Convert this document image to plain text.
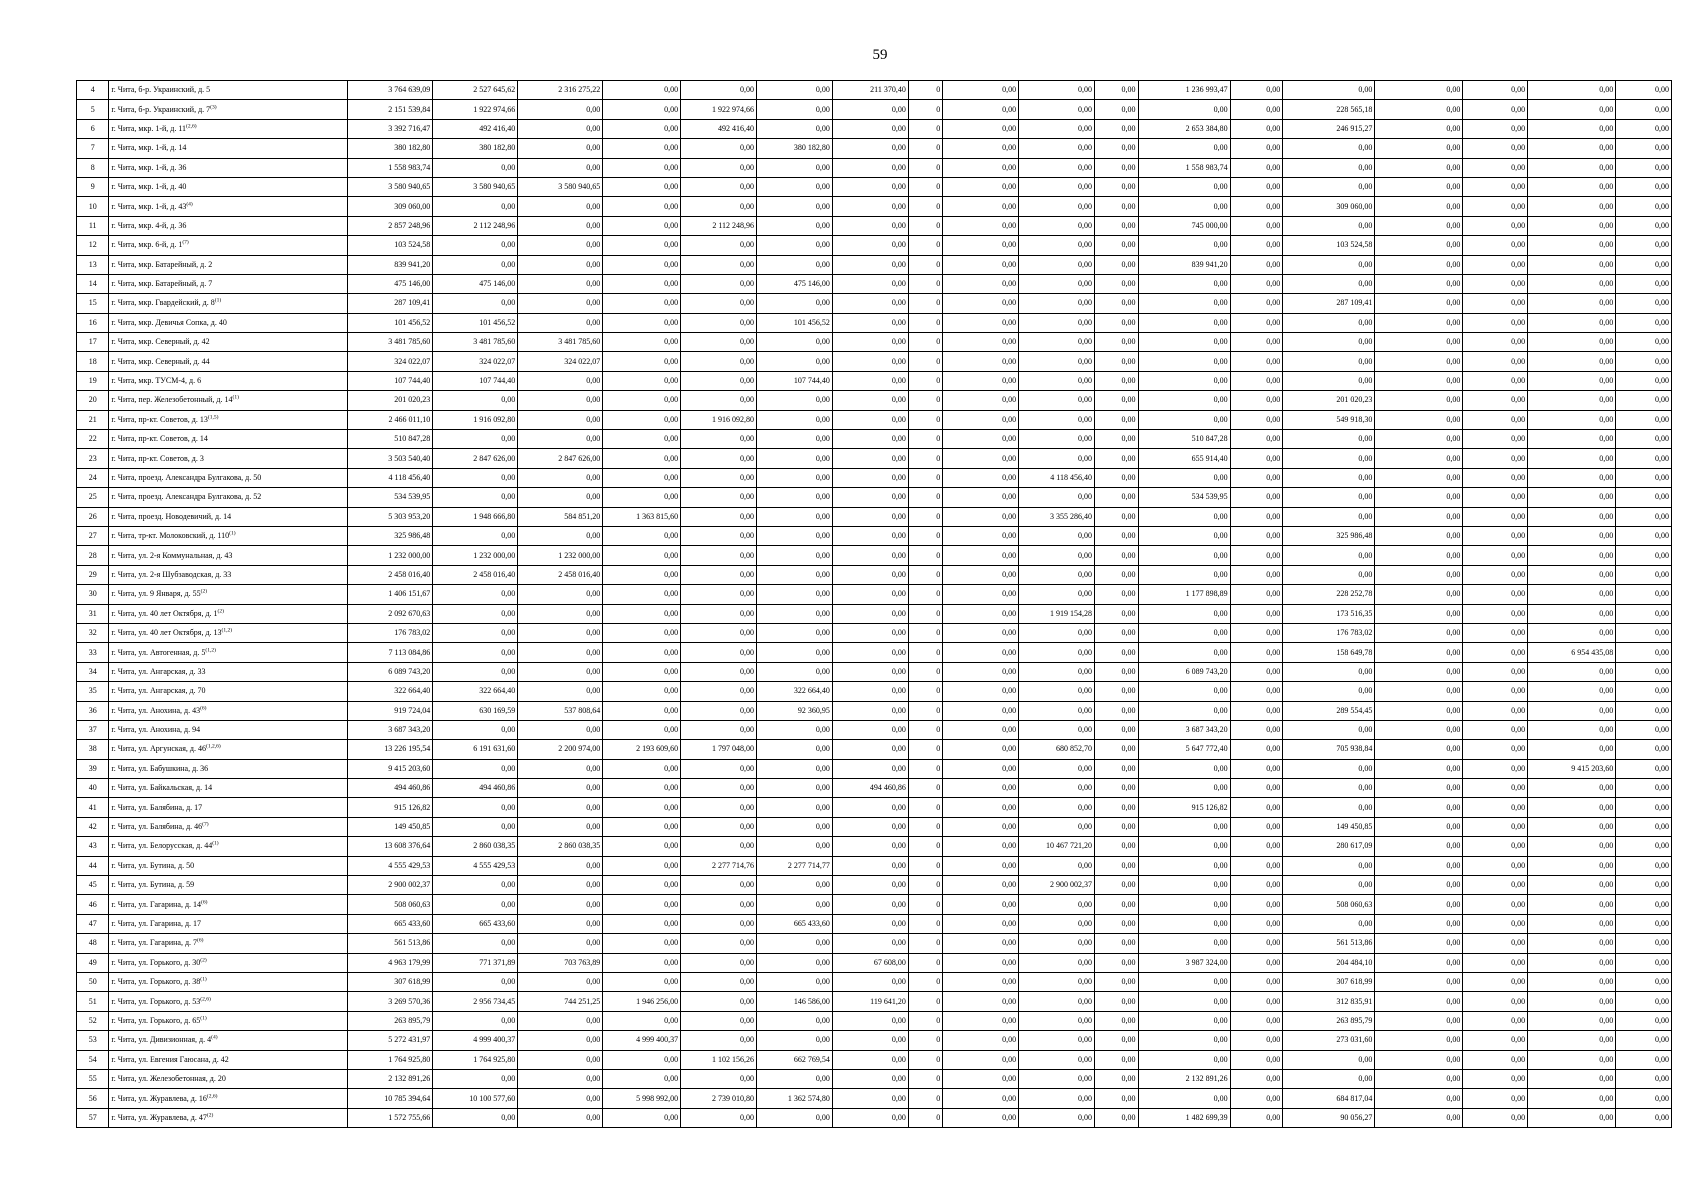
59
4	г. Чита, б-р. Украинский, д. 5	3 764 639,09	2 527 645,62	2 316 275,22	0,00	0,00	0,00	211 370,40	0	0,00	0,00	0,00	1 236 993,47	0,00	0,00	0,00	0,00	0,00	0,00
5	г. Чита, б-р. Украинский, д. 7$^{(3)}$	2 151 539,84	1 922 974,66	0,00	0,00	1 922 974,66	0,00	0,00	0	0,00	0,00	0,00	0,00	0,00	228 565,18	0,00	0,00	0,00	0,00
6	г. Чита, мкр. 1-й, д. 11$^{(2,6)}$	3 392 716,47	492 416,40	0,00	0,00	492 416,40	0,00	0,00	0	0,00	0,00	0,00	2 653 384,80	0,00	246 915,27	0,00	0,00	0,00	0,00
7	г. Чита, мкр. 1-й, д. 14	380 182,80	380 182,80	0,00	0,00	0,00	380 182,80	0,00	0	0,00	0,00	0,00	0,00	0,00	0,00	0,00	0,00	0,00	0,00
8	г. Чита, мкр. 1-й, д. 36	1 558 983,74	0,00	0,00	0,00	0,00	0,00	0,00	0	0,00	0,00	0,00	1 558 983,74	0,00	0,00	0,00	0,00	0,00	0,00
9	г. Чита, мкр. 1-й, д. 40	3 580 940,65	3 580 940,65	3 580 940,65	0,00	0,00	0,00	0,00	0	0,00	0,00	0,00	0,00	0,00	0,00	0,00	0,00	0,00	0,00
10	г. Чита, мкр. 1-й, д. 43$^{(4)}$	309 060,00	0,00	0,00	0,00	0,00	0,00	0,00	0	0,00	0,00	0,00	0,00	0,00	309 060,00	0,00	0,00	0,00	0,00
11	г. Чита, мкр. 4-й, д. 36	2 857 248,96	2 112 248,96	0,00	0,00	2 112 248,96	0,00	0,00	0	0,00	0,00	0,00	745 000,00	0,00	0,00	0,00	0,00	0,00	0,00
12	г. Чита, мкр. 6-й, д. 1$^{(7)}$	103 524,58	0,00	0,00	0,00	0,00	0,00	0,00	0	0,00	0,00	0,00	0,00	0,00	103 524,58	0,00	0,00	0,00	0,00
13	г. Чита, мкр. Батарейный, д. 2	839 941,20	0,00	0,00	0,00	0,00	0,00	0,00	0	0,00	0,00	0,00	839 941,20	0,00	0,00	0,00	0,00	0,00	0,00
14	г. Чита, мкр. Батарейный, д. 7	475 146,00	475 146,00	0,00	0,00	0,00	475 146,00	0,00	0	0,00	0,00	0,00	0,00	0,00	0,00	0,00	0,00	0,00	0,00
15	г. Чита, мкр. Гвардейский, д. 8$^{(1)}$	287 109,41	0,00	0,00	0,00	0,00	0,00	0,00	0	0,00	0,00	0,00	0,00	0,00	287 109,41	0,00	0,00	0,00	0,00
16	г. Чита, мкр. Девичья Сопка, д. 40	101 456,52	101 456,52	0,00	0,00	0,00	101 456,52	0,00	0	0,00	0,00	0,00	0,00	0,00	0,00	0,00	0,00	0,00	0,00
17	г. Чита, мкр. Северный, д. 42	3 481 785,60	3 481 785,60	3 481 785,60	0,00	0,00	0,00	0,00	0	0,00	0,00	0,00	0,00	0,00	0,00	0,00	0,00	0,00	0,00
18	г. Чита, мкр. Северный, д. 44	324 022,07	324 022,07	324 022,07	0,00	0,00	0,00	0,00	0	0,00	0,00	0,00	0,00	0,00	0,00	0,00	0,00	0,00	0,00
19	г. Чита, мкр. ТУСМ-4, д. 6	107 744,40	107 744,40	0,00	0,00	0,00	107 744,40	0,00	0	0,00	0,00	0,00	0,00	0,00	0,00	0,00	0,00	0,00	0,00
20	г. Чита, пер. Железобетонный, д. 14$^{(1)}$	201 020,23	0,00	0,00	0,00	0,00	0,00	0,00	0	0,00	0,00	0,00	0,00	0,00	201 020,23	0,00	0,00	0,00	0,00
21	г. Чита, пр-кт. Советов, д. 13$^{(1,5)}$	2 466 011,10	1 916 092,80	0,00	0,00	1 916 092,80	0,00	0,00	0	0,00	0,00	0,00	0,00	0,00	549 918,30	0,00	0,00	0,00	0,00
22	г. Чита, пр-кт. Советов, д. 14	510 847,28	0,00	0,00	0,00	0,00	0,00	0,00	0	0,00	0,00	0,00	510 847,28	0,00	0,00	0,00	0,00	0,00	0,00
23	г. Чита, пр-кт. Советов, д. 3	3 503 540,40	2 847 626,00	2 847 626,00	0,00	0,00	0,00	0,00	0	0,00	0,00	0,00	655 914,40	0,00	0,00	0,00	0,00	0,00	0,00
24	г. Чита, проезд. Александра Булгакова, д. 50	4 118 456,40	0,00	0,00	0,00	0,00	0,00	0,00	0	0,00	4 118 456,40	0,00	0,00	0,00	0,00	0,00	0,00	0,00	0,00
25	г. Чита, проезд. Александра Булгакова, д. 52	534 539,95	0,00	0,00	0,00	0,00	0,00	0,00	0	0,00	0,00	0,00	534 539,95	0,00	0,00	0,00	0,00	0,00	0,00
26	г. Чита, проезд. Новодевичий, д. 14	5 303 953,20	1 948 666,80	584 851,20	1 363 815,60	0,00	0,00	0,00	0	0,00	3 355 286,40	0,00	0,00	0,00	0,00	0,00	0,00	0,00	0,00
27	г. Чита, тр-кт. Молоковский, д. 110$^{(1)}$	325 986,48	0,00	0,00	0,00	0,00	0,00	0,00	0	0,00	0,00	0,00	0,00	0,00	325 986,48	0,00	0,00	0,00	0,00
28	г. Чита, ул. 2-я Коммунальная, д. 43	1 232 000,00	1 232 000,00	1 232 000,00	0,00	0,00	0,00	0,00	0	0,00	0,00	0,00	0,00	0,00	0,00	0,00	0,00	0,00	0,00
29	г. Чита, ул. 2-я Шубзаводская, д. 33	2 458 016,40	2 458 016,40	2 458 016,40	0,00	0,00	0,00	0,00	0	0,00	0,00	0,00	0,00	0,00	0,00	0,00	0,00	0,00	0,00
30	г. Чита, ул. 9 Января, д. 55$^{(2)}$	1 406 151,67	0,00	0,00	0,00	0,00	0,00	0,00	0	0,00	0,00	0,00	1 177 898,89	0,00	228 252,78	0,00	0,00	0,00	0,00
31	г. Чита, ул. 40 лет Октября, д. 1$^{(2)}$	2 092 670,63	0,00	0,00	0,00	0,00	0,00	0,00	0	0,00	1 919 154,28	0,00	0,00	0,00	173 516,35	0,00	0,00	0,00	0,00
32	г. Чита, ул. 40 лет Октября, д. 13$^{(1,2)}$	176 783,02	0,00	0,00	0,00	0,00	0,00	0,00	0	0,00	0,00	0,00	0,00	0,00	176 783,02	0,00	0,00	0,00	0,00
33	г. Чита, ул. Автогенная, д. 5$^{(1,2)}$	7 113 084,86	0,00	0,00	0,00	0,00	0,00	0,00	0	0,00	0,00	0,00	0,00	0,00	158 649,78	0,00	0,00	6 954 435,08	0,00
34	г. Чита, ул. Ангарская, д. 33	6 089 743,20	0,00	0,00	0,00	0,00	0,00	0,00	0	0,00	0,00	0,00	6 089 743,20	0,00	0,00	0,00	0,00	0,00	0,00
35	г. Чита, ул. Ангарская, д. 70	322 664,40	322 664,40	0,00	0,00	0,00	322 664,40	0,00	0	0,00	0,00	0,00	0,00	0,00	0,00	0,00	0,00	0,00	0,00
36	г. Чита, ул. Анохина, д. 43$^{(6)}$	919 724,04	630 169,59	537 808,64	0,00	0,00	92 360,95	0,00	0	0,00	0,00	0,00	0,00	0,00	289 554,45	0,00	0,00	0,00	0,00
37	г. Чита, ул. Анохина, д. 94	3 687 343,20	0,00	0,00	0,00	0,00	0,00	0,00	0	0,00	0,00	0,00	3 687 343,20	0,00	0,00	0,00	0,00	0,00	0,00
38	г. Чита, ул. Аргунская, д. 46$^{(1,2,6)}$	13 226 195,54	6 191 631,60	2 200 974,00	2 193 609,60	1 797 048,00	0,00	0,00	0	0,00	680 852,70	0,00	5 647 772,40	0,00	705 938,84	0,00	0,00	0,00	0,00
39	г. Чита, ул. Бабушкина, д. 36	9 415 203,60	0,00	0,00	0,00	0,00	0,00	0,00	0	0,00	0,00	0,00	0,00	0,00	0,00	0,00	0,00	9 415 203,60	0,00
40	г. Чита, ул. Байкальская, д. 14	494 460,86	494 460,86	0,00	0,00	0,00	0,00	494 460,86	0	0,00	0,00	0,00	0,00	0,00	0,00	0,00	0,00	0,00	0,00
41	г. Чита, ул. Балябина, д. 17	915 126,82	0,00	0,00	0,00	0,00	0,00	0,00	0	0,00	0,00	0,00	915 126,82	0,00	0,00	0,00	0,00	0,00	0,00
42	г. Чита, ул. Балябина, д. 46$^{(7)}$	149 450,85	0,00	0,00	0,00	0,00	0,00	0,00	0	0,00	0,00	0,00	0,00	0,00	149 450,85	0,00	0,00	0,00	0,00
43	г. Чита, ул. Белорусская, д. 44$^{(1)}$	13 608 376,64	2 860 038,35	2 860 038,35	0,00	0,00	0,00	0,00	0	0,00	10 467 721,20	0,00	0,00	0,00	280 617,09	0,00	0,00	0,00	0,00
44	г. Чита, ул. Бутина, д. 50	4 555 429,53	4 555 429,53	0,00	0,00	2 277 714,76	2 277 714,77	0,00	0	0,00	0,00	0,00	0,00	0,00	0,00	0,00	0,00	0,00	0,00
45	г. Чита, ул. Бутина, д. 59	2 900 002,37	0,00	0,00	0,00	0,00	0,00	0,00	0	0,00	2 900 002,37	0,00	0,00	0,00	0,00	0,00	0,00	0,00	0,00
46	г. Чита, ул. Гагарина, д. 14$^{(6)}$	508 060,63	0,00	0,00	0,00	0,00	0,00	0,00	0	0,00	0,00	0,00	0,00	0,00	508 060,63	0,00	0,00	0,00	0,00
47	г. Чита, ул. Гагарина, д. 17	665 433,60	665 433,60	0,00	0,00	0,00	665 433,60	0,00	0	0,00	0,00	0,00	0,00	0,00	0,00	0,00	0,00	0,00	0,00
48	г. Чита, ул. Гагарина, д. 7$^{(6)}$	561 513,86	0,00	0,00	0,00	0,00	0,00	0,00	0	0,00	0,00	0,00	0,00	0,00	561 513,86	0,00	0,00	0,00	0,00
49	г. Чита, ул. Горького, д. 30$^{(2)}$	4 963 179,99	771 371,89	703 763,89	0,00	0,00	0,00	67 608,00	0	0,00	0,00	0,00	3 987 324,00	0,00	204 484,10	0,00	0,00	0,00	0,00
50	г. Чита, ул. Горького, д. 38$^{(1)}$	307 618,99	0,00	0,00	0,00	0,00	0,00	0,00	0	0,00	0,00	0,00	0,00	0,00	307 618,99	0,00	0,00	0,00	0,00
51	г. Чита, ул. Горького, д. 53$^{(2,6)}$	3 269 570,36	2 956 734,45	744 251,25	1 946 256,00	0,00	146 586,00	119 641,20	0	0,00	0,00	0,00	0,00	0,00	312 835,91	0,00	0,00	0,00	0,00
52	г. Чита, ул. Горького, д. 65$^{(1)}$	263 895,79	0,00	0,00	0,00	0,00	0,00	0,00	0	0,00	0,00	0,00	0,00	0,00	263 895,79	0,00	0,00	0,00	0,00
53	г. Чита, ул. Дивизионная, д. 4$^{(4)}$	5 272 431,97	4 999 400,37	0,00	4 999 400,37	0,00	0,00	0,00	0	0,00	0,00	0,00	0,00	0,00	273 031,60	0,00	0,00	0,00	0,00
54	г. Чита, ул. Евгения Гаюсана, д. 42	1 764 925,80	1 764 925,80	0,00	0,00	1 102 156,26	662 769,54	0,00	0	0,00	0,00	0,00	0,00	0,00	0,00	0,00	0,00	0,00	0,00
55	г. Чита, ул. Железобетонная, д. 20	2 132 891,26	0,00	0,00	0,00	0,00	0,00	0,00	0	0,00	0,00	0,00	2 132 891,26	0,00	0,00	0,00	0,00	0,00	0,00
56	г. Чита, ул. Журавлева, д. 16$^{(2,6)}$	10 785 394,64	10 100 577,60	0,00	5 998 992,00	2 739 010,80	1 362 574,80	0,00	0	0,00	0,00	0,00	0,00	0,00	684 817,04	0,00	0,00	0,00	0,00
57	г. Чита, ул. Журавлева, д. 47$^{(2)}$	1 572 755,66	0,00	0,00	0,00	0,00	0,00	0,00	0	0,00	0,00	0,00	1 482 699,39	0,00	90 056,27	0,00	0,00	0,00	0,00
